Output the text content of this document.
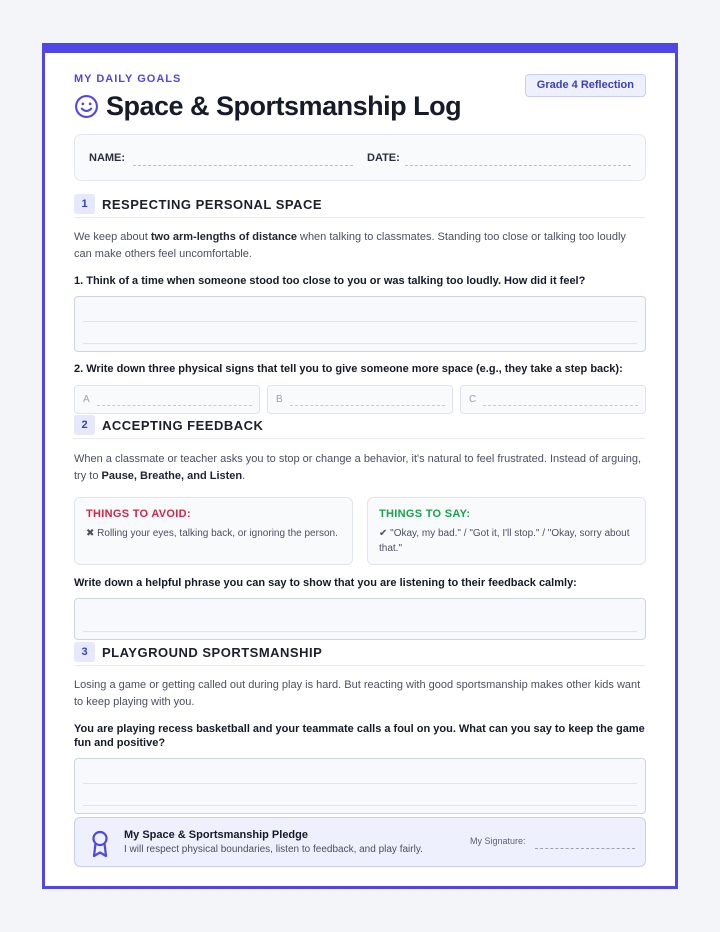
MY DAILY GOALS	Grade 4 Reflection
Space & Sportsmanship Log
NAME:	DATE:
1	RESPECTING PERSONAL SPACE
We keep about two arm-lengths of distance when talking to classmates. Standing too close or talking too loudly can make others feel uncomfortable.
1. Think of a time when someone stood too close to you or was talking too loudly. How did it feel?
2. Write down three physical signs that tell you to give someone more space (e.g., they take a step back):
A	B	C
2	ACCEPTING FEEDBACK
When a classmate or teacher asks you to stop or change a behavior, it's natural to feel frustrated. Instead of arguing, try to Pause, Breathe, and Listen.
THINGS TO AVOID:
✖ Rolling your eyes, talking back, or ignoring the person.
THINGS TO SAY:
✔ "Okay, my bad." / "Got it, I'll stop." / "Okay, sorry about that."
Write down a helpful phrase you can say to show that you are listening to their feedback calmly:
3	PLAYGROUND SPORTSMANSHIP
Losing a game or getting called out during play is hard. But reacting with good sportsmanship makes other kids want to keep playing with you.
You are playing recess basketball and your teammate calls a foul on you. What can you say to keep the game fun and positive?
My Space & Sportsmanship Pledge
I will respect physical boundaries, listen to feedback, and play fairly.
My Signature:
